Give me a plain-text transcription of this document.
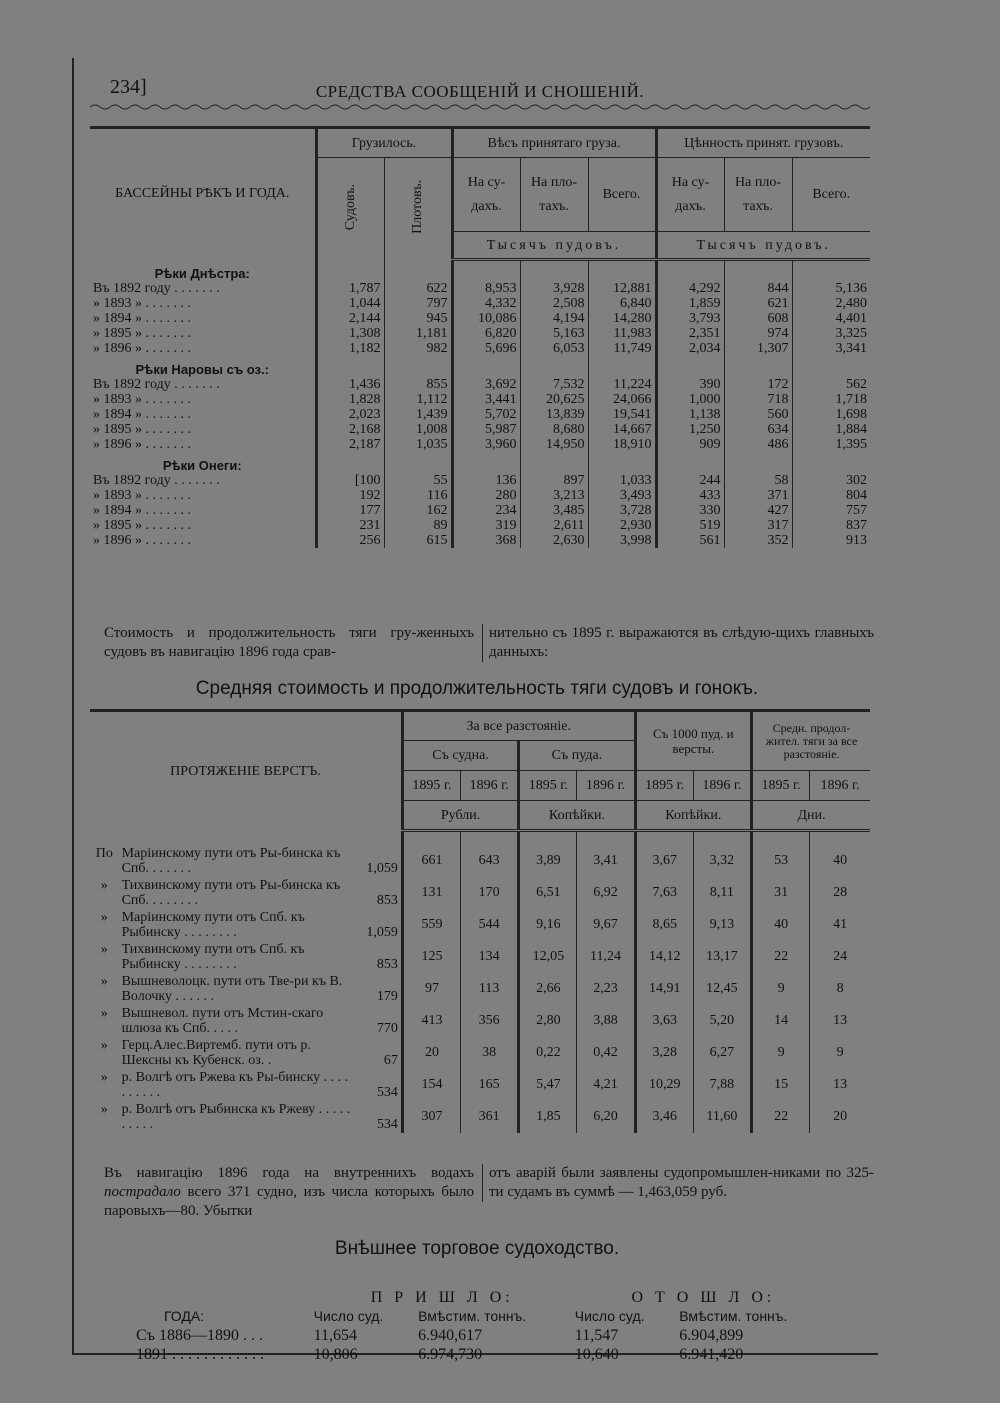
234]	СРЕДСТВА СООБЩЕНІЙ И СНОШЕНІЙ.
БАССЕЙНЫ РѢКЪ И ГОДА.	Грузилось.		Вѣсъ принятаго груза.			Цѣнность принят. грузовъ.		
	Судовъ.	Плотовъ.	На су-дахъ.	На пло-тахъ.	Всего.	На су-дахъ.	На пло-тахъ.	Всего.
			Тысячъ пудовъ.			Тысячъ пудовъ.		
Рѣки Днѣстра:								
Въ 1892 году . . . . . . .	1,787	622	8,953	3,928	12,881	4,292	844	5,136
» 1893 » . . . . . . .	1,044	797	4,332	2,508	6,840	1,859	621	2,480
» 1894 » . . . . . . .	2,144	945	10,086	4,194	14,280	3,793	608	4,401
» 1895 » . . . . . . .	1,308	1,181	6,820	5,163	11,983	2,351	974	3,325
» 1896 » . . . . . . .	1,182	982	5,696	6,053	11,749	2,034	1,307	3,341
Рѣки Наровы съ оз.:								
Въ 1892 году . . . . . . .	1,436	855	3,692	7,532	11,224	390	172	562
» 1893 » . . . . . . .	1,828	1,112	3,441	20,625	24,066	1,000	718	1,718
» 1894 » . . . . . . .	2,023	1,439	5,702	13,839	19,541	1,138	560	1,698
» 1895 » . . . . . . .	2,168	1,008	5,987	8,680	14,667	1,250	634	1,884
» 1896 » . . . . . . .	2,187	1,035	3,960	14,950	18,910	909	486	1,395
Рѣки Онеги:								
Въ 1892 году . . . . . . .	[100	55	136	897	1,033	244	58	302
» 1893 » . . . . . . .	192	116	280	3,213	3,493	433	371	804
» 1894 » . . . . . . .	177	162	234	3,485	3,728	330	427	757
» 1895 » . . . . . . .	231	89	319	2,611	2,930	519	317	837
» 1896 » . . . . . . .	256	615	368	2,630	3,998	561	352	913
Стоимость и продолжительность тяги гру-женныхъ судовъ въ навигацію 1896 года срав-
нительно съ 1895 г. выражаются въ слѣдую-щихъ главныхъ данныхъ:
Средняя стоимость и продолжительность тяги судовъ и гонокъ.
ПРОТЯЖЕНІЕ ВЕРСТЪ.			За все разстояніе.				Съ 1000 пуд. и версты.		Средн. продол-жител. тяги за все разстояніе.	
			Съ судна.		Съ пуда.					
			1895 г.	1896 г.	1895 г.	1896 г.	1895 г.	1896 г.	1895 г.	1896 г.
			Рубли.		Копѣйки.		Копѣйки.		Дни.	

По	Маріинскому пути отъ Ры-бинска къ Спб. . . . . . .	1,059	661	643	3,89	3,41	3,67	3,32	53	40
»	Тихвинскому пути отъ Ры-бинска къ Спб. . . . . . . .	853	131	170	6,51	6,92	7,63	8,11	31	28
»	Маріинскому пути отъ Спб. къ Рыбинску . . . . . . . .	1,059	559	544	9,16	9,67	8,65	9,13	40	41
»	Тихвинскому пути отъ Спб. къ Рыбинску . . . . . . . .	853	125	134	12,05	11,24	14,12	13,17	22	24
»	Вышневолоцк. пути отъ Тве-ри къ В. Волочку . . . . . .	179	97	113	2,66	2,23	14,91	12,45	9	8
»	Вышневол. пути отъ Мстин-скаго шлюза къ Спб. . . . .	770	413	356	2,80	3,88	3,63	5,20	14	13
»	Герц.Алес.Виртемб. пути отъ р. Шексны къ Кубенск. оз. .	67	20	38	0,22	0,42	3,28	6,27	9	9
»	р. Волгѣ отъ Ржева къ Ры-бинску . . . . . . . . . .	534	154	165	5,47	4,21	10,29	7,88	15	13
»	р. Волгѣ отъ Рыбинска къ Ржеву . . . . . . . . . .	534	307	361	1,85	6,20	3,46	11,60	22	20
Въ навигацію 1896 года на внутреннихъ водахъ пострадало всего 371 судно, изъ числа которыхъ было паровыхъ—80. Убытки
отъ аварій были заявлены судопромышлен-никами по 325-ти судамъ въ суммѣ — 1,463,059 руб.
Внѣшнее торговое судоходство.
	П Р И Ш Л О:		О Т О Ш Л О:	
ГОДА:	Число суд.	Вмѣстим. тоннъ.	Число суд.	Вмѣстим. тоннъ.
Съ 1886—1890 . . .	11,654	6.940,617	11,547	6.904,899
1891 . . . . . . . . . . . .	10,806	6.974,730	10,640	6.941,420
